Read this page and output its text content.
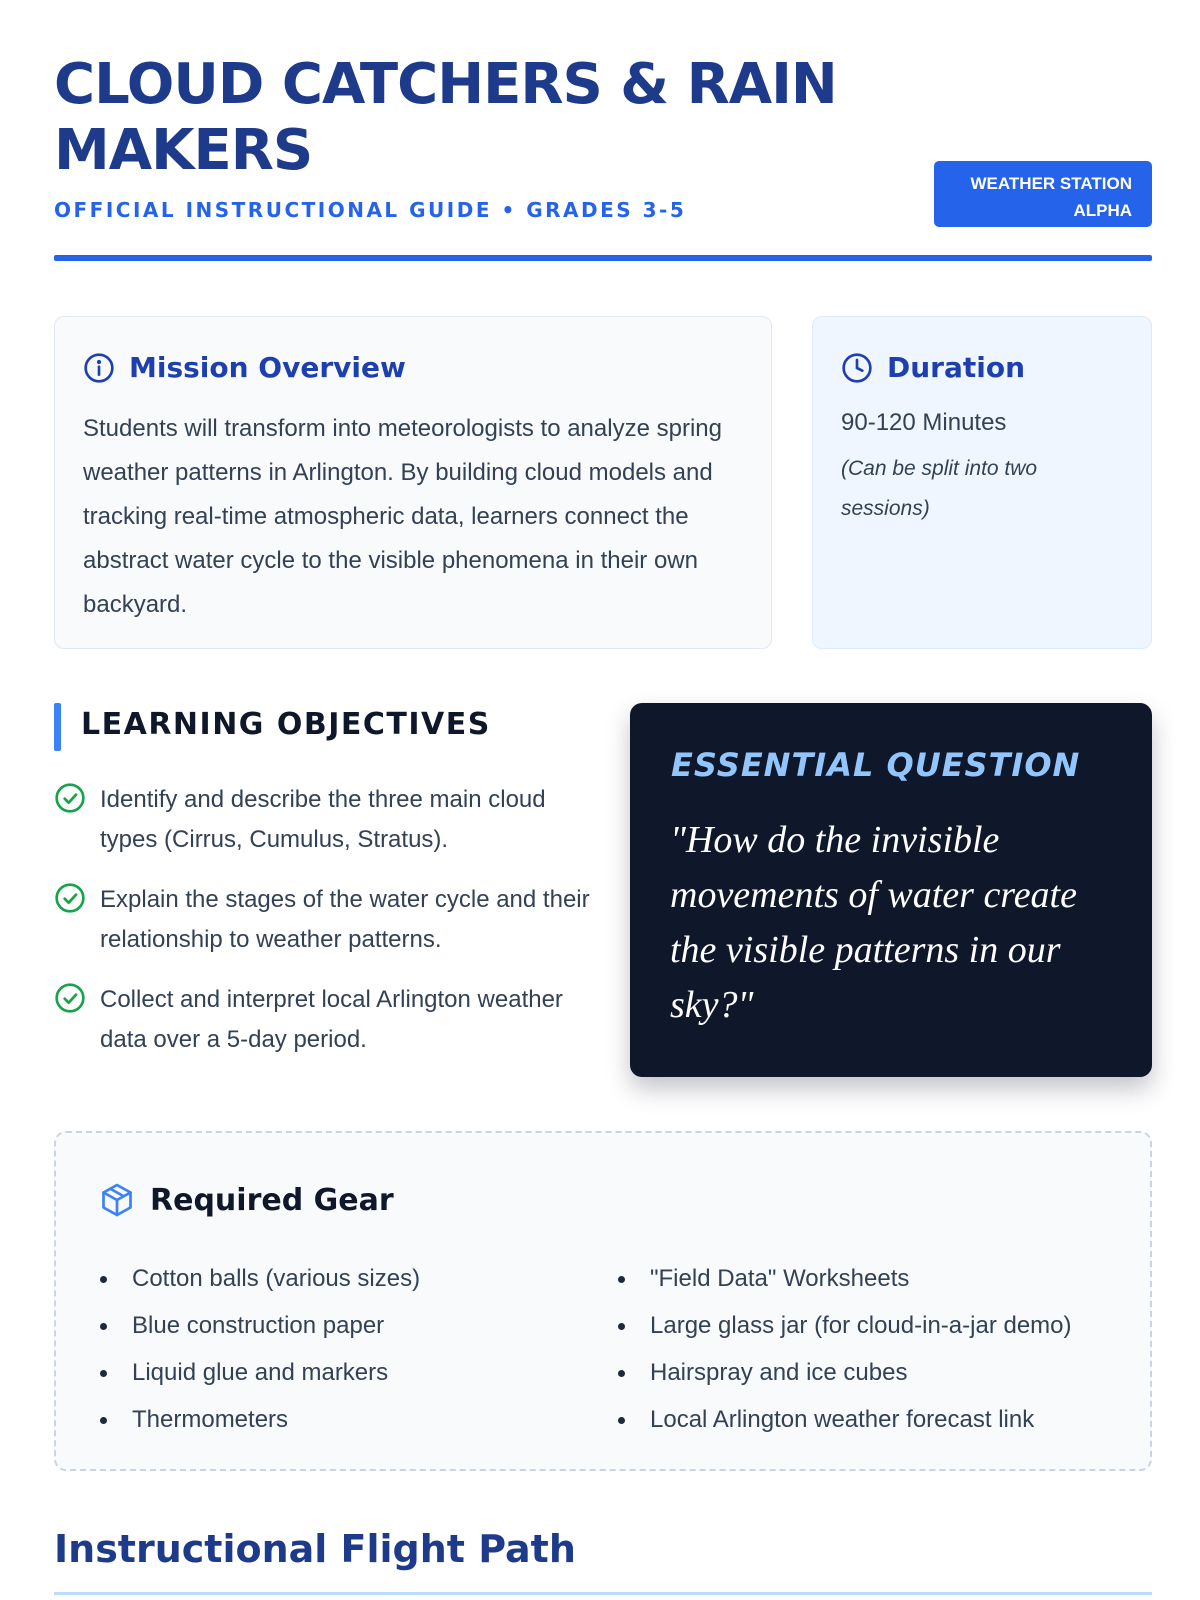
CLOUD CATCHERS & RAIN MAKERS
OFFICIAL INSTRUCTIONAL GUIDE • GRADES 3-5
WEATHER STATION
ALPHA
Mission Overview
Students will transform into meteorologists to analyze spring weather patterns in Arlington. By building cloud models and tracking real-time atmospheric data, learners connect the abstract water cycle to the visible phenomena in their own backyard.
Duration
90-120 Minutes
(Can be split into two sessions)
LEARNING OBJECTIVES
Identify and describe the three main cloud types (Cirrus, Cumulus, Stratus).
Explain the stages of the water cycle and their relationship to weather patterns.
Collect and interpret local Arlington weather data over a 5-day period.
ESSENTIAL QUESTION
"How do the invisible movements of water create the visible patterns in our sky?"
Required Gear
Cotton balls (various sizes)
Blue construction paper
Liquid glue and markers
Thermometers
"Field Data" Worksheets
Large glass jar (for cloud-in-a-jar demo)
Hairspray and ice cubes
Local Arlington weather forecast link
Instructional Flight Path
